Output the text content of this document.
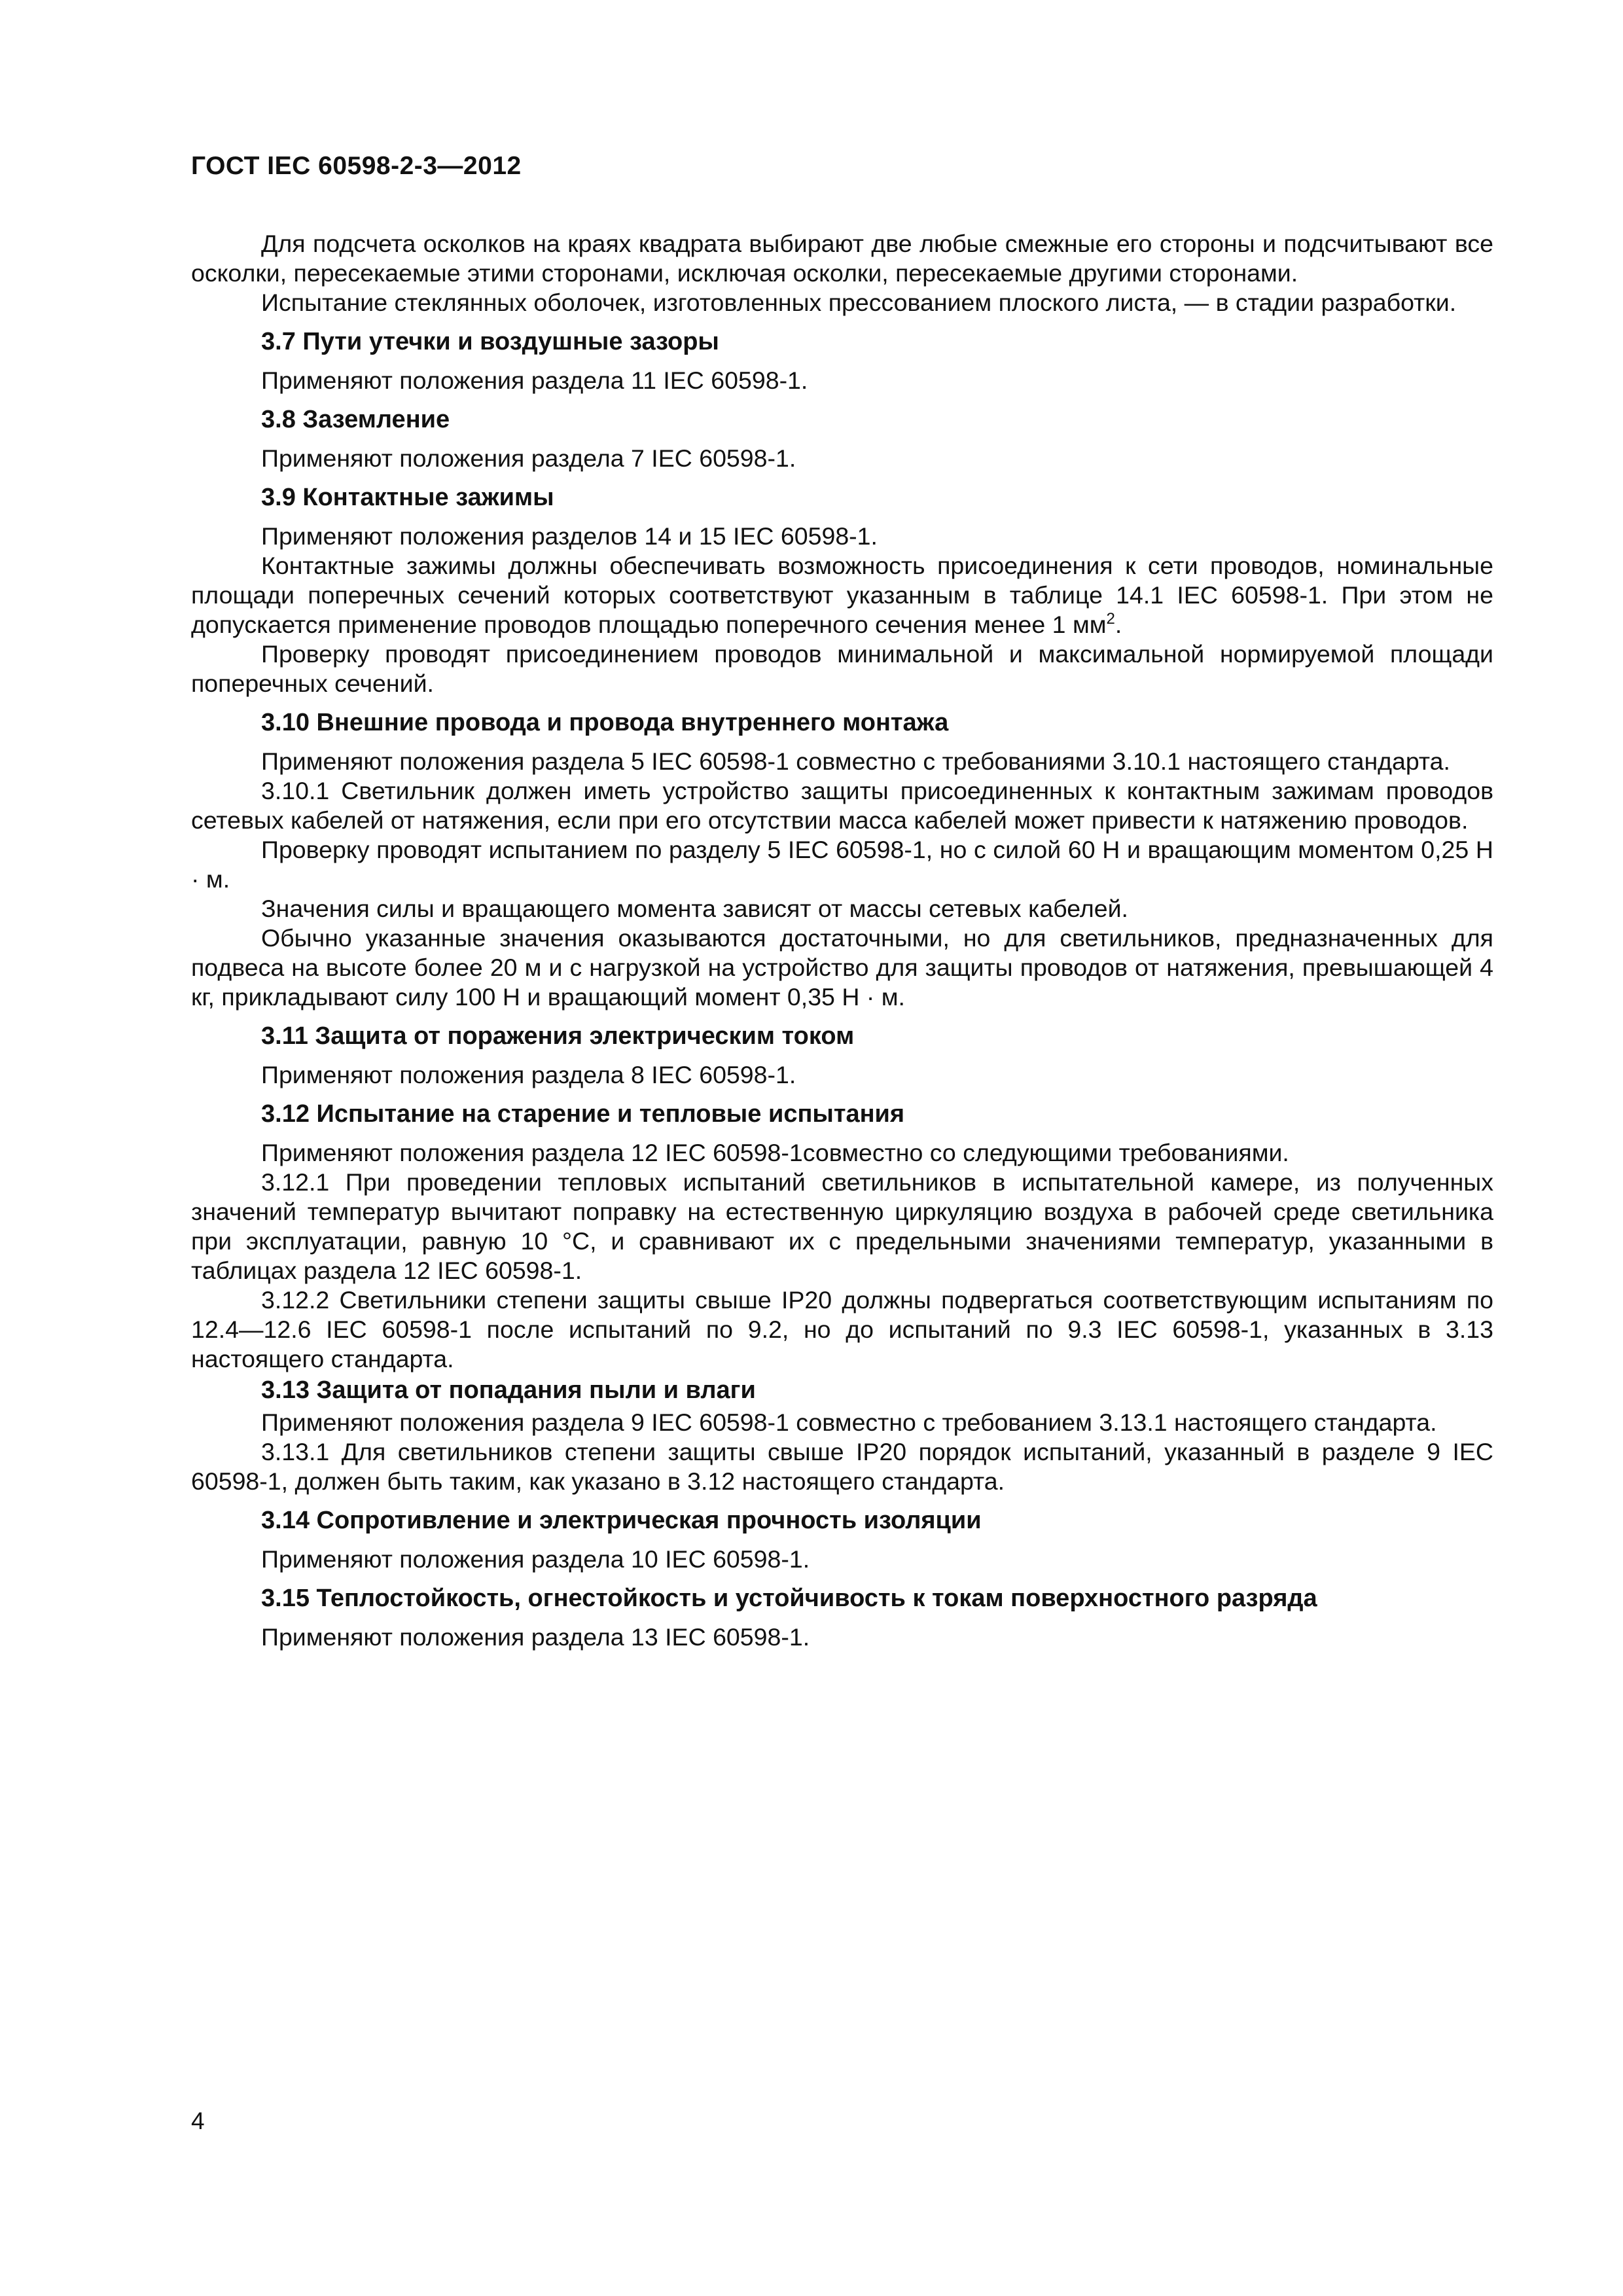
ГОСТ IEC 60598-2-3—2012

Для подсчета осколков на краях квадрата выбирают две любые смежные его стороны и подсчитывают все осколки, пересекаемые этими сторонами, исключая осколки, пересекаемые другими сторонами.

Испытание стеклянных оболочек, изготовленных прессованием плоского листа, — в стадии разработки.

3.7 Пути утечки и воздушные зазоры

Применяют положения раздела 11 IEC 60598-1.

3.8 Заземление

Применяют положения раздела 7 IEC 60598-1.

3.9 Контактные зажимы

Применяют положения разделов 14 и 15 IEC 60598-1.

Контактные зажимы должны обеспечивать возможность присоединения к сети проводов, номинальные площади поперечных сечений которых соответствуют указанным в таблице 14.1 IEC 60598-1. При этом не допускается применение проводов площадью поперечного сечения менее 1 $мм^2$.

Проверку проводят присоединением проводов минимальной и максимальной нормируемой площади поперечных сечений.

3.10 Внешние провода и провода внутреннего монтажа

Применяют положения раздела 5 IEC 60598-1 совместно с требованиями 3.10.1 настоящего стандарта.

3.10.1 Светильник должен иметь устройство защиты присоединенных к контактным зажимам проводов сетевых кабелей от натяжения, если при его отсутствии масса кабелей может привести к натяжению проводов.

Проверку проводят испытанием по разделу 5 IEC 60598-1, но с силой 60 Н и вращающим моментом 0,25 Н · м.

Значения силы и вращающего момента зависят от массы сетевых кабелей.

Обычно указанные значения оказываются достаточными, но для светильников, предназначенных для подвеса на высоте более 20 м и с нагрузкой на устройство для защиты проводов от натяжения, превышающей 4 кг, прикладывают силу 100 Н и вращающий момент 0,35 Н · м.

3.11 Защита от поражения электрическим током

Применяют положения раздела 8 IEC 60598-1.

3.12 Испытание на старение и тепловые испытания

Применяют положения раздела 12 IEC 60598-1совместно со следующими требованиями.

3.12.1 При проведении тепловых испытаний светильников в испытательной камере, из полученных значений температур вычитают поправку на естественную циркуляцию воздуха в рабочей среде светильника при эксплуатации, равную 10 °С, и сравнивают их с предельными значениями температур, указанными в таблицах раздела 12 IEC 60598-1.

3.12.2 Светильники степени защиты свыше IP20 должны подвергаться соответствующим испытаниям по 12.4—12.6 IEC 60598-1 после испытаний по 9.2, но до испытаний по 9.3 IEC 60598-1, указанных в 3.13 настоящего стандарта.

3.13 Защита от попадания пыли и влаги

Применяют положения раздела 9 IEC 60598-1 совместно с требованием 3.13.1 настоящего стандарта.

3.13.1 Для светильников степени защиты свыше IP20 порядок испытаний, указанный в разделе 9 IEC 60598-1, должен быть таким, как указано в 3.12 настоящего стандарта.

3.14 Сопротивление и электрическая прочность изоляции

Применяют положения раздела 10 IEC 60598-1.

3.15 Теплостойкость, огнестойкость и устойчивость к токам поверхностного разряда

Применяют положения раздела 13 IEC 60598-1.

4
